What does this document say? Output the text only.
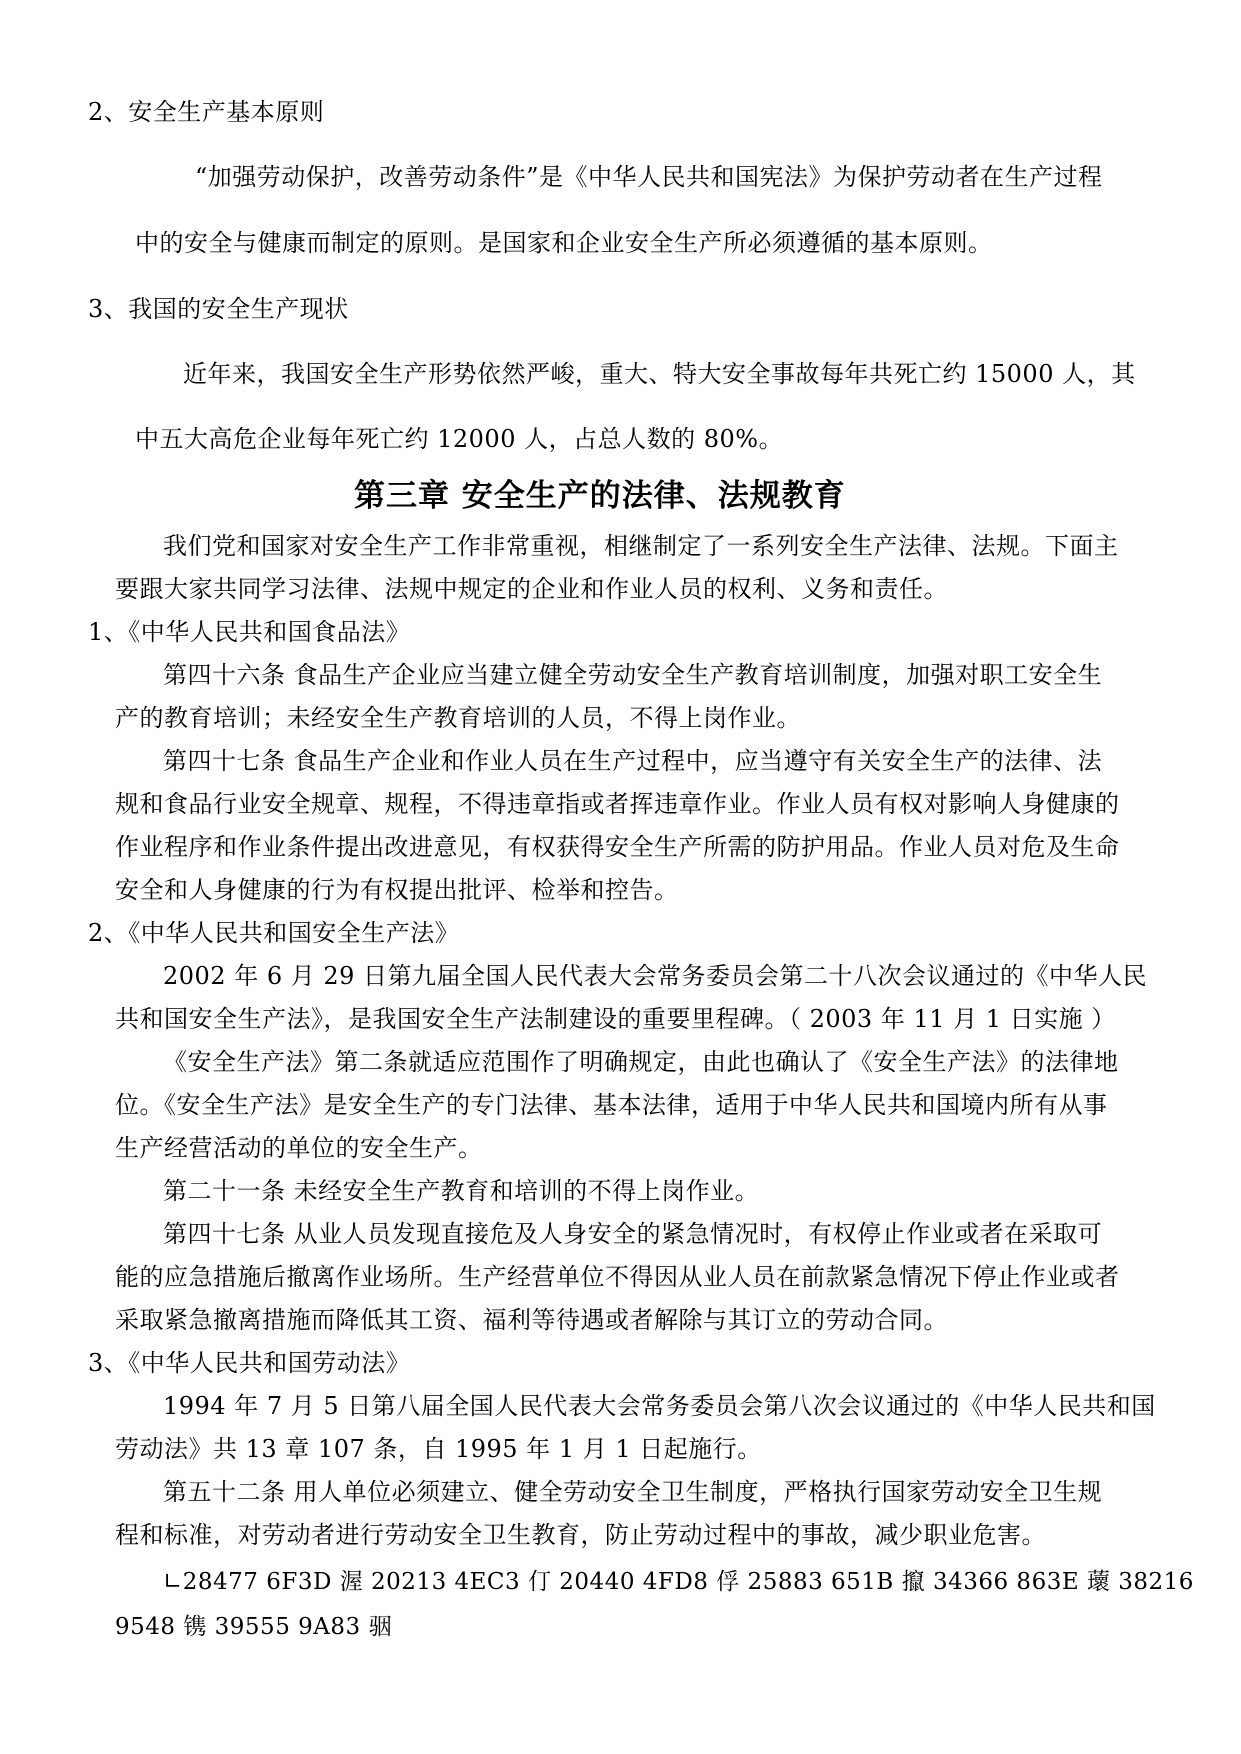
2、安全生产基本原则
“加强劳动保护，改善劳动条件”是《中华人民共和国宪法》为保护劳动者在生产过程
中的安全与健康而制定的原则。是国家和企业安全生产所必须遵循的基本原则。
3、我国的安全生产现状
近年来，我国安全生产形势依然严峻，重大、特大安全事故每年共死亡约 15000 人，其
中五大高危企业每年死亡约 12000 人，占总人数的 80%。
第三章 安全生产的法律、法规教育
我们党和国家对安全生产工作非常重视，相继制定了一系列安全生产法律、法规。下面主
要跟大家共同学习法律、法规中规定的企业和作业人员的权利、义务和责任。
1、《中华人民共和国食品法》
第四十六条 食品生产企业应当建立健全劳动安全生产教育培训制度，加强对职工安全生
产的教育培训；未经安全生产教育培训的人员，不得上岗作业。
第四十七条 食品生产企业和作业人员在生产过程中，应当遵守有关安全生产的法律、法
规和食品行业安全规章、规程，不得违章指或者挥违章作业。作业人员有权对影响人身健康的
作业程序和作业条件提出改进意见，有权获得安全生产所需的防护用品。作业人员对危及生命
安全和人身健康的行为有权提出批评、检举和控告。
2、《中华人民共和国安全生产法》
2002 年 6 月 29 日第九届全国人民代表大会常务委员会第二十八次会议通过的《中华人民
共和国安全生产法》，是我国安全生产法制建设的重要里程碑。（ 2003 年 11 月 1 日实施 ）
《安全生产法》第二条就适应范围作了明确规定，由此也确认了《安全生产法》的法律地
位。《安全生产法》是安全生产的专门法律、基本法律，适用于中华人民共和国境内所有从事
生产经营活动的单位的安全生产。
第二十一条 未经安全生产教育和培训的不得上岗作业。
第四十七条 从业人员发现直接危及人身安全的紧急情况时，有权停止作业或者在采取可
能的应急措施后撤离作业场所。生产经营单位不得因从业人员在前款紧急情况下停止作业或者
采取紧急撤离措施而降低其工资、福利等待遇或者解除与其订立的劳动合同。
3、《中华人民共和国劳动法》
1994 年 7 月 5 日第八届全国人民代表大会常务委员会第八次会议通过的《中华人民共和国
劳动法》共 13 章 107 条，自 1995 年 1 月 1 日起施行。
第五十二条 用人单位必须建立、健全劳动安全卫生制度，严格执行国家劳动安全卫生规
程和标准，对劳动者进行劳动安全卫生教育，防止劳动过程中的事故，减少职业危害。
∟28477 6F3D 渥 20213 4EC3 仃 20440 4FD8 俘 25883 651B 攛 34366 863E 蘾 38216
9548 镌 39555 9A83 骃
